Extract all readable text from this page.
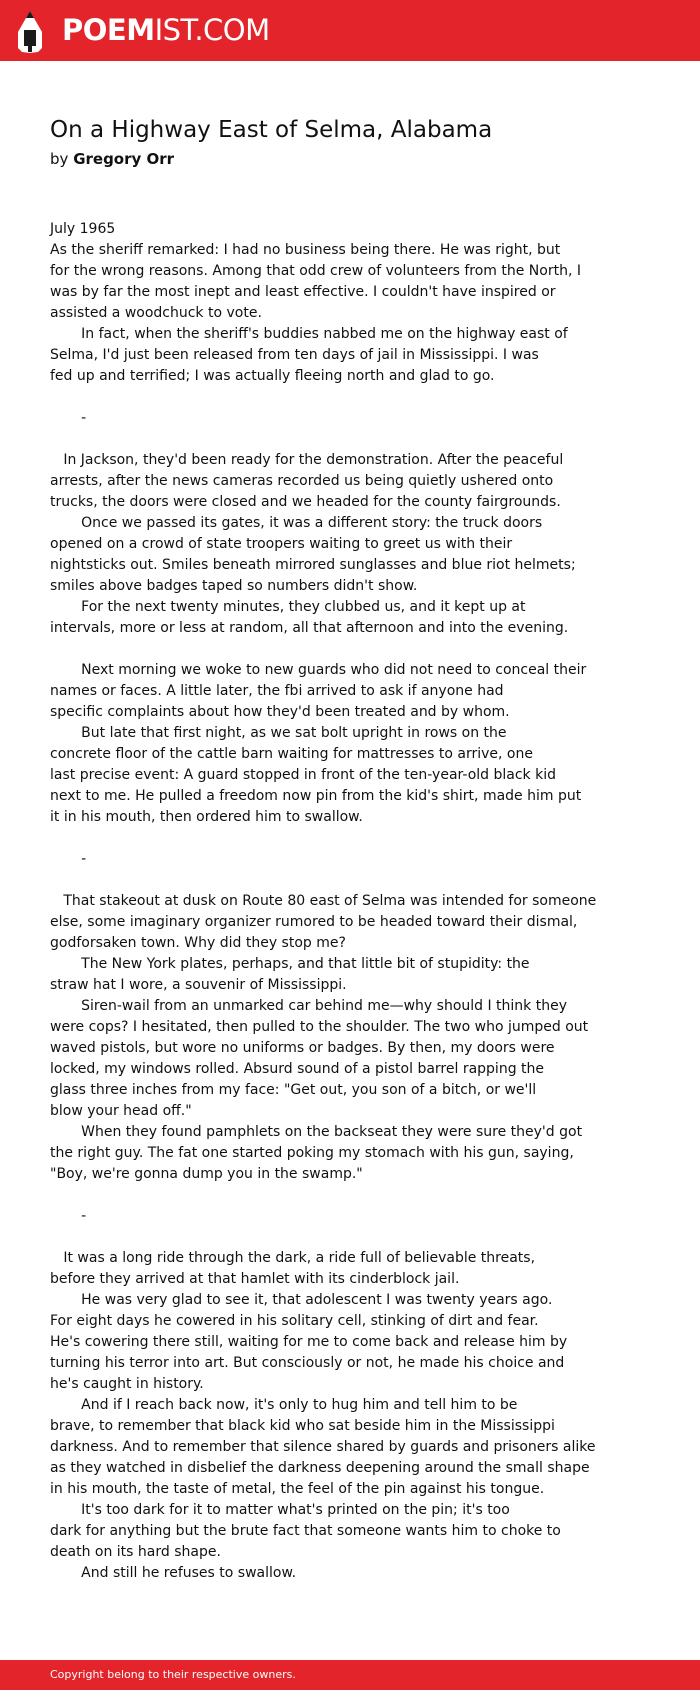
POEMIST.COM
On a Highway East of Selma, Alabama
by Gregory Orr
July 1965
As the sheriff remarked: I had no business being there. He was right, but
for the wrong reasons. Among that odd crew of volunteers from the North, I
was by far the most inept and least effective. I couldn't have inspired or
assisted a woodchuck to vote.
In fact, when the sheriff's buddies nabbed me on the highway east of
Selma, I'd just been released from ten days of jail in Mississippi. I was
fed up and terrified; I was actually fleeing north and glad to go.
-
In Jackson, they'd been ready for the demonstration. After the peaceful
arrests, after the news cameras recorded us being quietly ushered onto
trucks, the doors were closed and we headed for the county fairgrounds.
Once we passed its gates, it was a different story: the truck doors
opened on a crowd of state troopers waiting to greet us with their
nightsticks out. Smiles beneath mirrored sunglasses and blue riot helmets;
smiles above badges taped so numbers didn't show.
For the next twenty minutes, they clubbed us, and it kept up at
intervals, more or less at random, all that afternoon and into the evening.
Next morning we woke to new guards who did not need to conceal their
names or faces. A little later, the fbi arrived to ask if anyone had
specific complaints about how they'd been treated and by whom.
But late that first night, as we sat bolt upright in rows on the
concrete floor of the cattle barn waiting for mattresses to arrive, one
last precise event: A guard stopped in front of the ten-year-old black kid
next to me. He pulled a freedom now pin from the kid's shirt, made him put
it in his mouth, then ordered him to swallow.
-
That stakeout at dusk on Route 80 east of Selma was intended for someone
else, some imaginary organizer rumored to be headed toward their dismal,
godforsaken town. Why did they stop me?
The New York plates, perhaps, and that little bit of stupidity: the
straw hat I wore, a souvenir of Mississippi.
Siren-wail from an unmarked car behind me—why should I think they
were cops? I hesitated, then pulled to the shoulder. The two who jumped out
waved pistols, but wore no uniforms or badges. By then, my doors were
locked, my windows rolled. Absurd sound of a pistol barrel rapping the
glass three inches from my face: "Get out, you son of a bitch, or we'll
blow your head off."
When they found pamphlets on the backseat they were sure they'd got
the right guy. The fat one started poking my stomach with his gun, saying,
"Boy, we're gonna dump you in the swamp."
-
It was a long ride through the dark, a ride full of believable threats,
before they arrived at that hamlet with its cinderblock jail.
He was very glad to see it, that adolescent I was twenty years ago.
For eight days he cowered in his solitary cell, stinking of dirt and fear.
He's cowering there still, waiting for me to come back and release him by
turning his terror into art. But consciously or not, he made his choice and
he's caught in history.
And if I reach back now, it's only to hug him and tell him to be
brave, to remember that black kid who sat beside him in the Mississippi
darkness. And to remember that silence shared by guards and prisoners alike
as they watched in disbelief the darkness deepening around the small shape
in his mouth, the taste of metal, the feel of the pin against his tongue.
It's too dark for it to matter what's printed on the pin; it's too
dark for anything but the brute fact that someone wants him to choke to
death on its hard shape.
And still he refuses to swallow.
Copyright belong to their respective owners.
